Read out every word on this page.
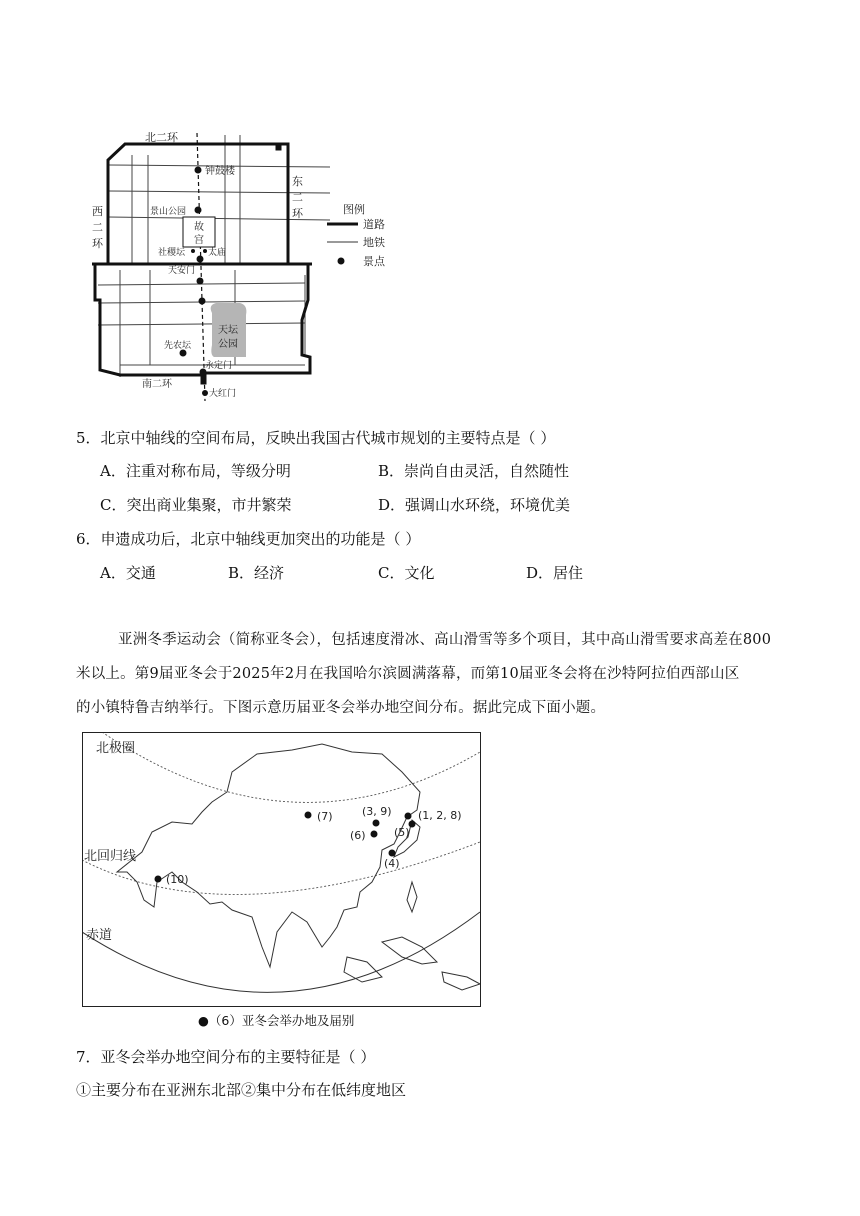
故
宫
天坛
公园
北二环
东
二
环
西
二
环
南二环
钟鼓楼
景山公园
社稷坛	太庙
天安门
先农坛
永定门
大红门
图例
道路
地铁
景点
5．北京中轴线的空间布局，反映出我国古代城市规划的主要特点是（ ）
A．注重对称布局，等级分明	B．崇尚自由灵活，自然随性
C．突出商业集聚，市井繁荣	D．强调山水环绕，环境优美
6．申遗成功后，北京中轴线更加突出的功能是（ ）
A．交通	B．经济	C．文化	D．居住
亚洲冬季运动会（简称亚冬会），包括速度滑冰、高山滑雪等多个项目，其中高山滑雪要求高差在800
米以上。第9届亚冬会于2025年2月在我国哈尔滨圆满落幕，而第10届亚冬会将在沙特阿拉伯西部山区
的小镇特鲁吉纳举行。下图示意历届亚冬会举办地空间分布。据此完成下面小题。
北极圈
北回归线
赤道
(7)	(3, 9) (1, 2, 8)
(6)	(5)
(4)
(10)
●（6）亚冬会举办地及届别
7．亚冬会举办地空间分布的主要特征是（ ）
①主要分布在亚洲东北部②集中分布在低纬度地区
